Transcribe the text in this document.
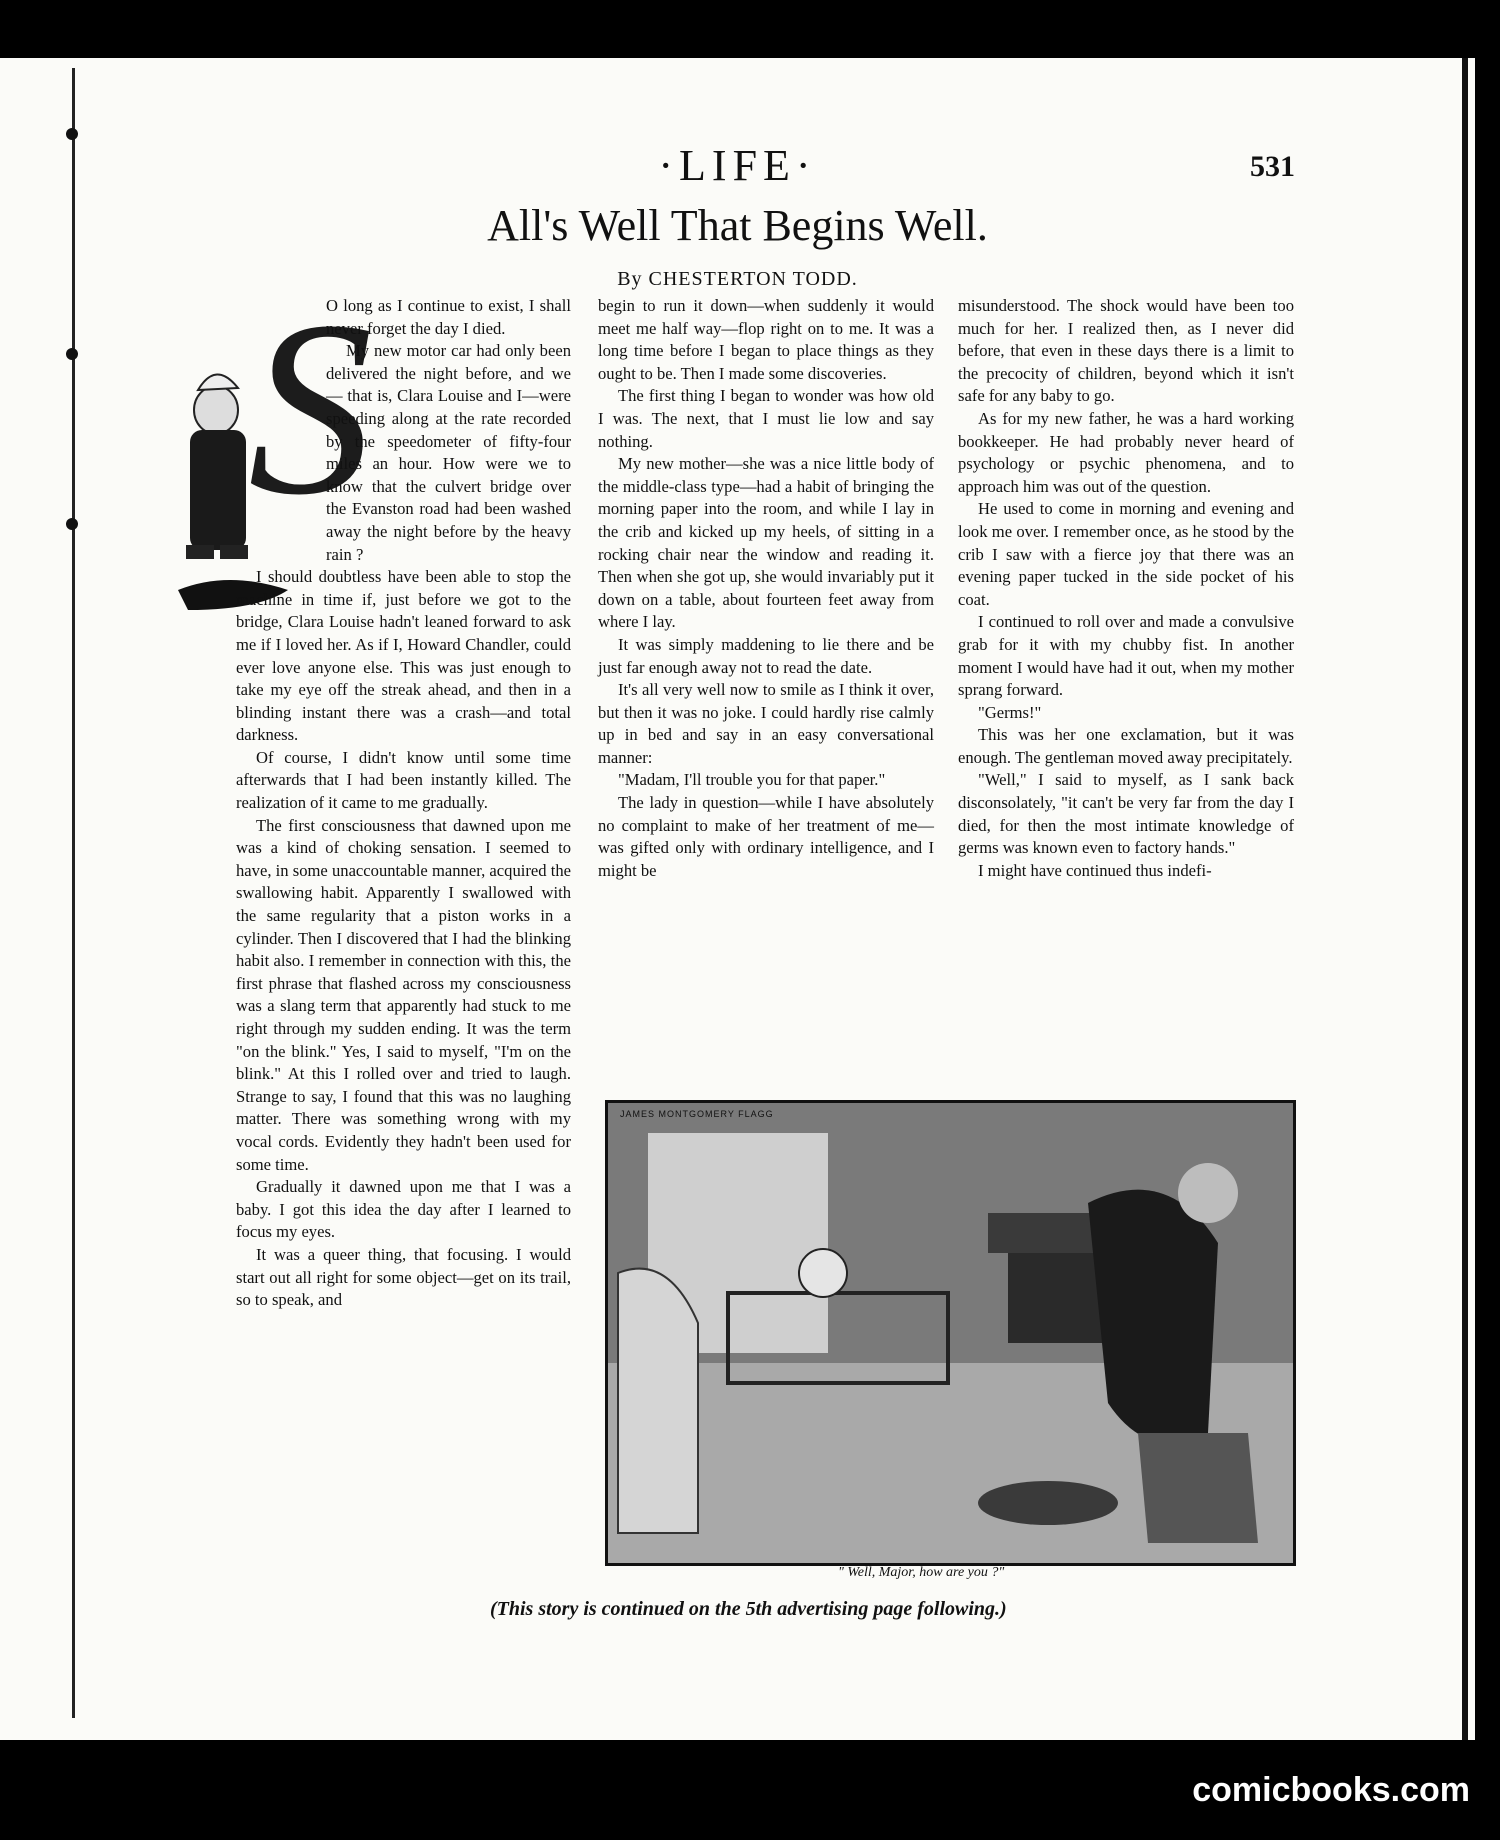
·LIFE·	531
All's Well That Begins Well.
By CHESTERTON TODD.
S

O long as I continue to exist, I shall never forget the day I died.

My new motor car had only been delivered the night before, and we — that is, Clara Louise and I—were speeding along at the rate recorded by the speedometer of fifty-four miles an hour. How were we to know that the culvert bridge over the Evanston road had been washed away the night before by the heavy rain ?

I should doubtless have been able to stop the machine in time if, just before we got to the bridge, Clara Louise hadn't leaned forward to ask me if I loved her. As if I, Howard Chandler, could ever love anyone else. This was just enough to take my eye off the streak ahead, and then in a blinding instant there was a crash—and total darkness.

Of course, I didn't know until some time afterwards that I had been instantly killed. The realization of it came to me gradually.

The first consciousness that dawned upon me was a kind of choking sensation. I seemed to have, in some unaccountable manner, acquired the swallowing habit. Apparently I swallowed with the same regularity that a piston works in a cylinder. Then I discovered that I had the blinking habit also. I remember in connection with this, the first phrase that flashed across my consciousness was a slang term that apparently had stuck to me right through my sudden ending. It was the term "on the blink." Yes, I said to myself, "I'm on the blink." At this I rolled over and tried to laugh. Strange to say, I found that this was no laughing matter. There was something wrong with my vocal cords. Evidently they hadn't been used for some time.

Gradually it dawned upon me that I was a baby. I got this idea the day after I learned to focus my eyes.

It was a queer thing, that focusing. I would start out all right for some object—get on its trail, so to speak, and

begin to run it down—when suddenly it would meet me half way—flop right on to me. It was a long time before I began to place things as they ought to be. Then I made some discoveries.

The first thing I began to wonder was how old I was. The next, that I must lie low and say nothing.

My new mother—she was a nice little body of the middle-class type—had a habit of bringing the morning paper into the room, and while I lay in the crib and kicked up my heels, of sitting in a rocking chair near the window and reading it. Then when she got up, she would invariably put it down on a table, about fourteen feet away from where I lay.

It was simply maddening to lie there and be just far enough away not to read the date.

It's all very well now to smile as I think it over, but then it was no joke. I could hardly rise calmly up in bed and say in an easy conversational manner:

"Madam, I'll trouble you for that paper."

The lady in question—while I have absolutely no complaint to make of her treatment of me—was gifted only with ordinary intelligence, and I might be

misunderstood. The shock would have been too much for her. I realized then, as I never did before, that even in these days there is a limit to the precocity of children, beyond which it isn't safe for any baby to go.

As for my new father, he was a hard working bookkeeper. He had probably never heard of psychology or psychic phenomena, and to approach him was out of the question.

He used to come in morning and evening and look me over. I remember once, as he stood by the crib I saw with a fierce joy that there was an evening paper tucked in the side pocket of his coat.

I continued to roll over and made a convulsive grab for it with my chubby fist. In another moment I would have had it out, when my mother sprang forward.

"Germs!"

This was her one exclamation, but it was enough. The gentleman moved away precipitately.

"Well," I said to myself, as I sank back disconsolately, "it can't be very far from the day I died, for then the most intimate knowledge of germs was known even to factory hands."

I might have continued thus indefi-

JAMES MONTGOMERY FLAGG
" Well, Major, how are you ?"
(This story is continued on the 5th advertising page following.)
comicbooks.com
